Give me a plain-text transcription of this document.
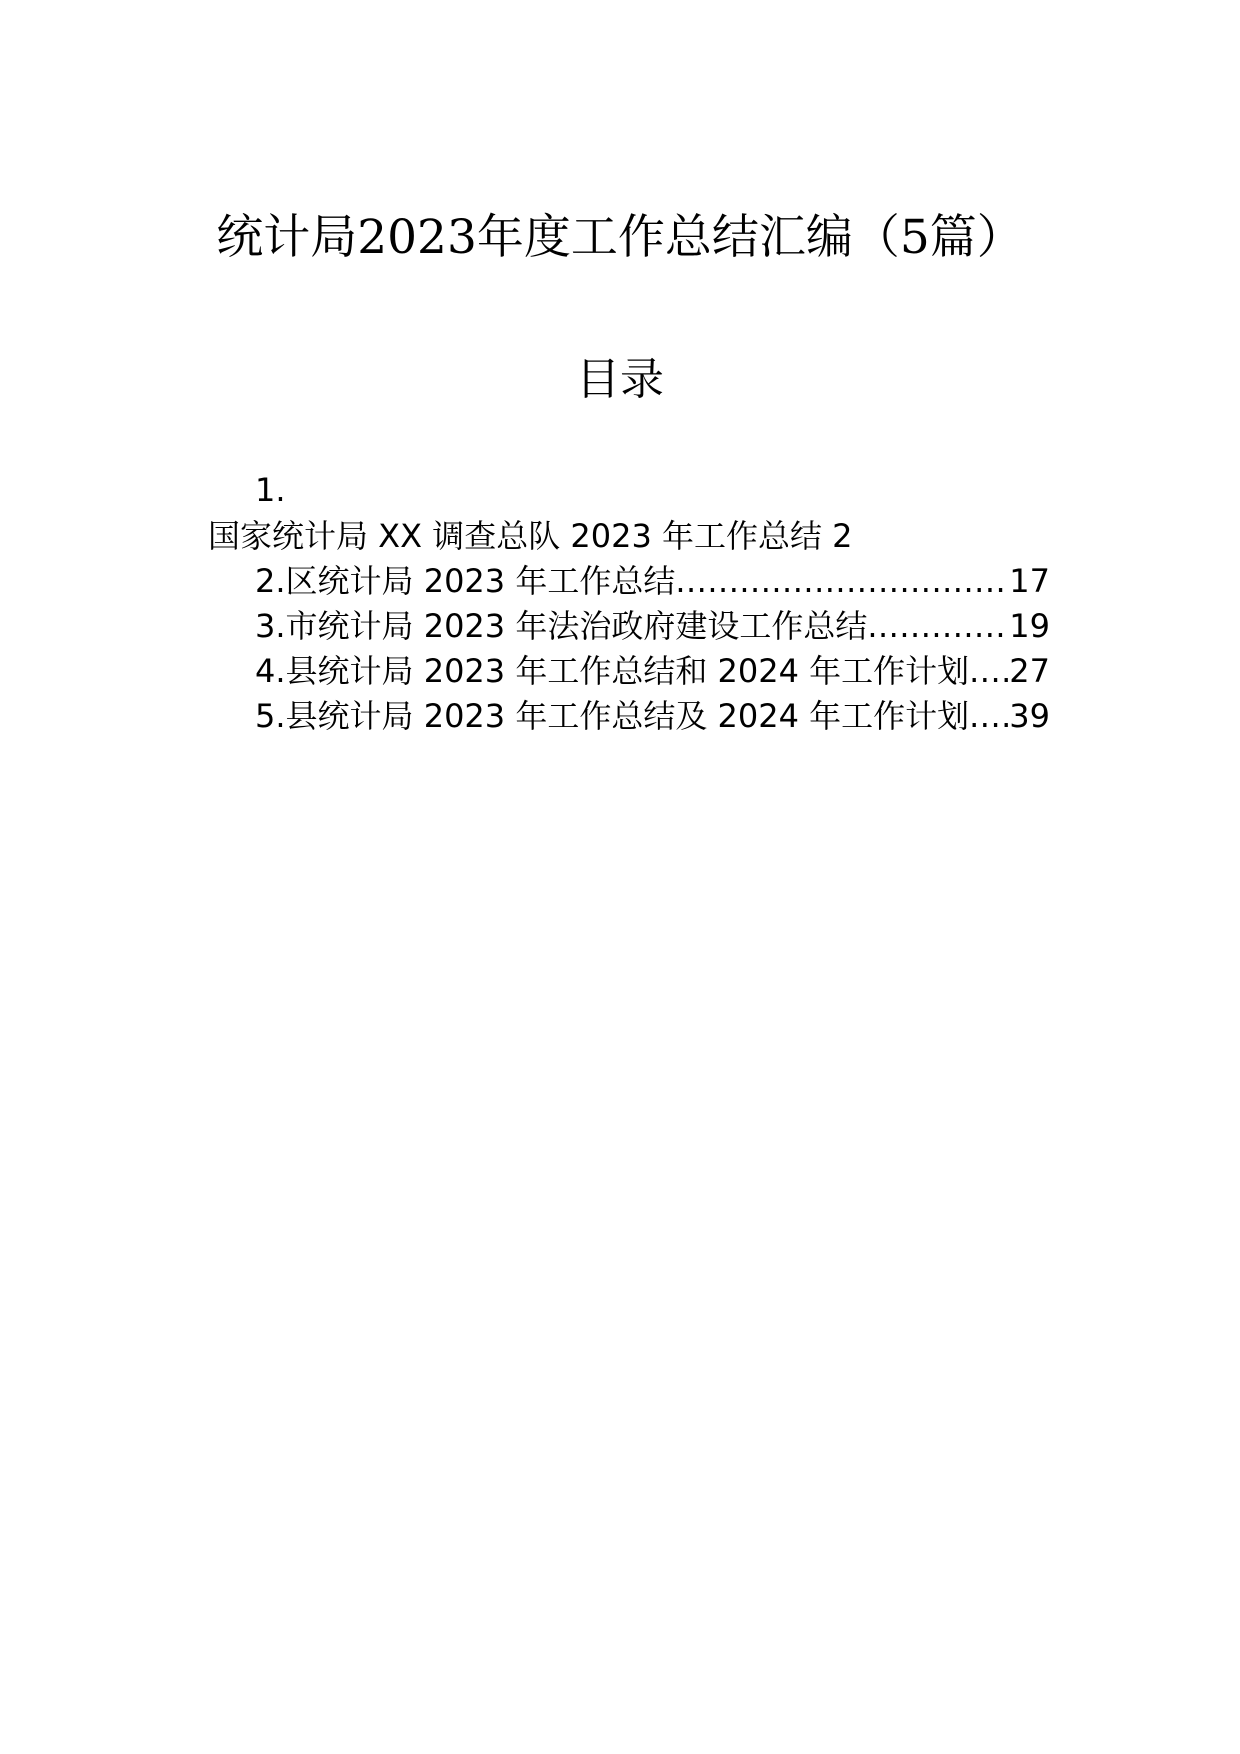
统计局2023年度工作总结汇编（5篇）
目录
1.
国家统计局 XX 调查总队 2023 年工作总结 2
2.区统计局 2023 年工作总结 .....	17
3.市统计局 2023 年法治政府建设工作总结 .....	19
4.县统计局 2023 年工作总结和 2024 年工作计划 ..... 27
5.县统计局 2023 年工作总结及 2024 年工作计划 ..... 39
